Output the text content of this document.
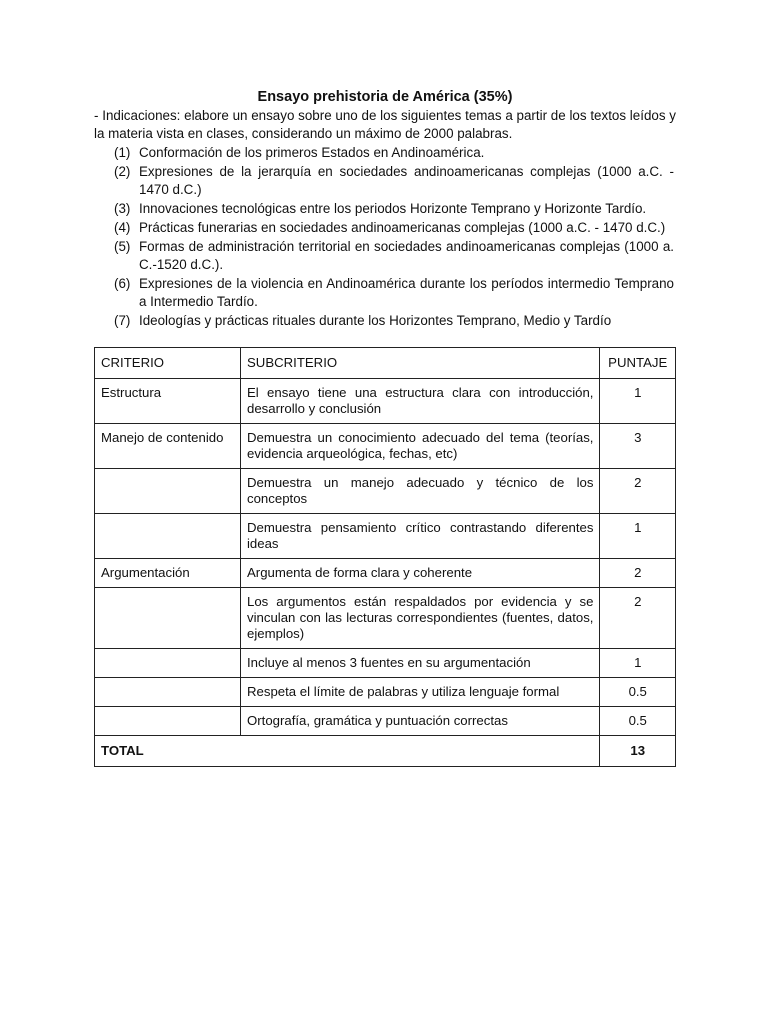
Ensayo prehistoria de América (35%)
- Indicaciones: elabore un ensayo sobre uno de los siguientes temas a partir de los textos leídos y la materia vista en clases, considerando un máximo de 2000 palabras.
(1) Conformación de los primeros Estados en Andinoamérica.
(2) Expresiones de la jerarquía en sociedades andinoamericanas complejas (1000 a.C. - 1470 d.C.)
(3) Innovaciones tecnológicas entre los periodos Horizonte Temprano y Horizonte Tardío.
(4) Prácticas funerarias en sociedades andinoamericanas complejas (1000 a.C. - 1470 d.C.)
(5) Formas de administración territorial en sociedades andinoamericanas complejas (1000 a. C.-1520 d.C.).
(6) Expresiones de la violencia en Andinoamérica durante los períodos intermedio Temprano a Intermedio Tardío.
(7) Ideologías y prácticas rituales durante los Horizontes Temprano, Medio y Tardío
CRITERIO	SUBCRITERIO	PUNTAJE
Estructura	El ensayo tiene una estructura clara con introducción, desarrollo y conclusión	1
Manejo de contenido	Demuestra un conocimiento adecuado del tema (teorías, evidencia arqueológica, fechas, etc)	3
	Demuestra un manejo adecuado y técnico de los conceptos	2
	Demuestra pensamiento crítico contrastando diferentes ideas	1
Argumentación	Argumenta de forma clara y coherente	2
	Los argumentos están respaldados por evidencia y se vinculan con las lecturas correspondientes (fuentes, datos, ejemplos)	2
	Incluye al menos 3 fuentes en su argumentación	1
	Respeta el límite de palabras y utiliza lenguaje formal	0.5
	Ortografía, gramática y puntuación correctas	0.5
TOTAL		13
